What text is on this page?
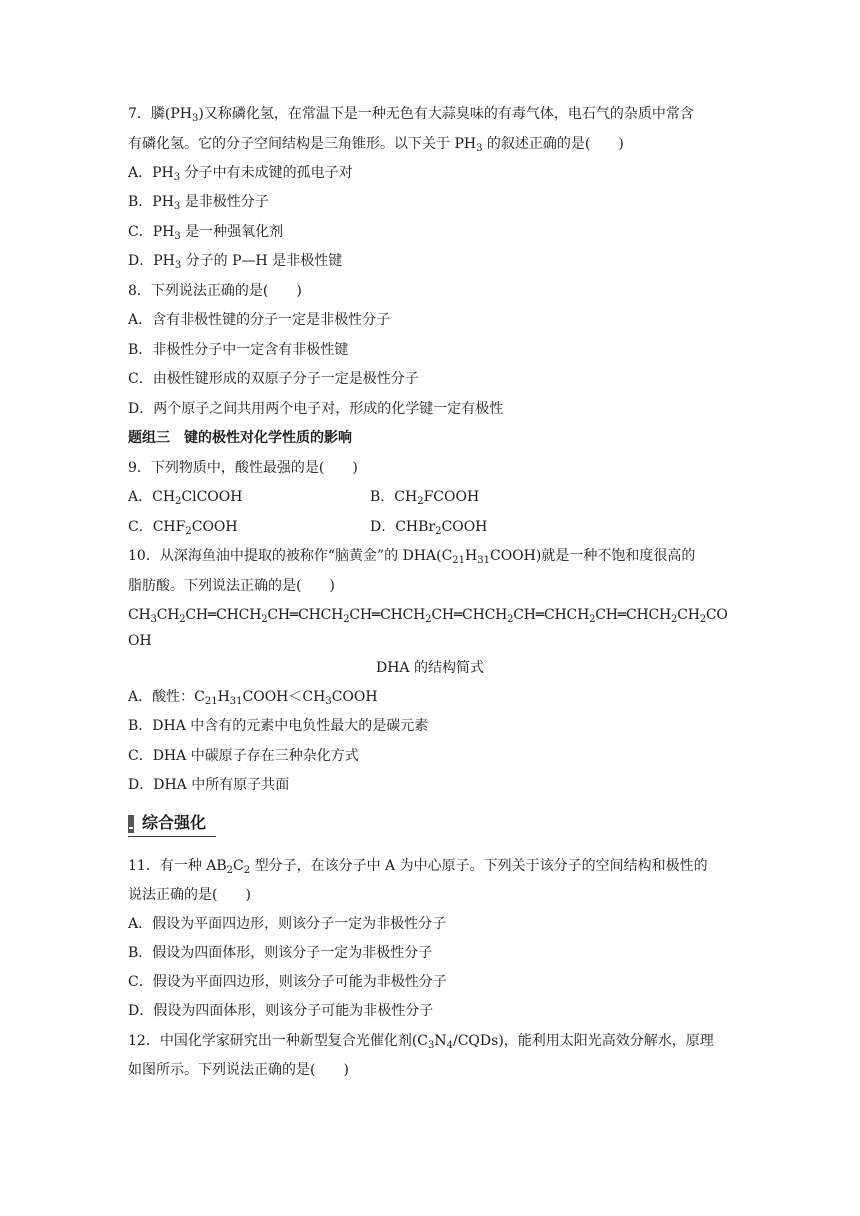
7．膦$(PH_3)$又称磷化氢，在常温下是一种无色有大蒜臭味的有毒气体，电石气的杂质中常含
有磷化氢。它的分子空间结构是三角锥形。以下关于 $PH_3$ 的叙述正确的是(　　)
A．$PH_3$ 分子中有未成键的孤电子对
B．$PH_3$ 是非极性分子
C．$PH_3$ 是一种强氧化剂
D．$PH_3$ 分子的 P—H 是非极性键
8．下列说法正确的是(　　)
A．含有非极性键的分子一定是非极性分子
B．非极性分子中一定含有非极性键
C．由极性键形成的双原子分子一定是极性分子
D．两个原子之间共用两个电子对，形成的化学键一定有极性
题组三　键的极性对化学性质的影响
9．下列物质中，酸性最强的是(　　)
A．$CH_2ClCOOH$	B．$CH_2FCOOH$
C．$CHF_2COOH$	D．CHBr$_2$COOH
10．从深海鱼油中提取的被称作“脑黄金”的 $DHA(C_{21}H_{31}COOH)$就是一种不饱和度很高的
脂肪酸。下列说法正确的是(　　)
$CH_3CH_2CH═CHCH_2CH═CHCH_2CH═CHCH_2CH═CHCH_2CH═CHCH_2CH═CHCH_2CH_2CO$
OH
DHA 的结构简式
A．酸性：$C_{21}H_{31}COOH<CH_3COOH$
B．DHA 中含有的元素中电负性最大的是碳元素
C．DHA 中碳原子存在三种杂化方式
D．DHA 中所有原子共面
综合强化
11．有一种 $AB_2C_2$ 型分子，在该分子中 A 为中心原子。下列关于该分子的空间结构和极性的
说法正确的是(　　)
A．假设为平面四边形，则该分子一定为非极性分子
B．假设为四面体形，则该分子一定为非极性分子
C．假设为平面四边形，则该分子可能为非极性分子
D．假设为四面体形，则该分子可能为非极性分子
12．中国化学家研究出一种新型复合光催化剂$(C_3N_4/CQDs)$，能利用太阳光高效分解水，原理
如图所示。下列说法正确的是(　　)
